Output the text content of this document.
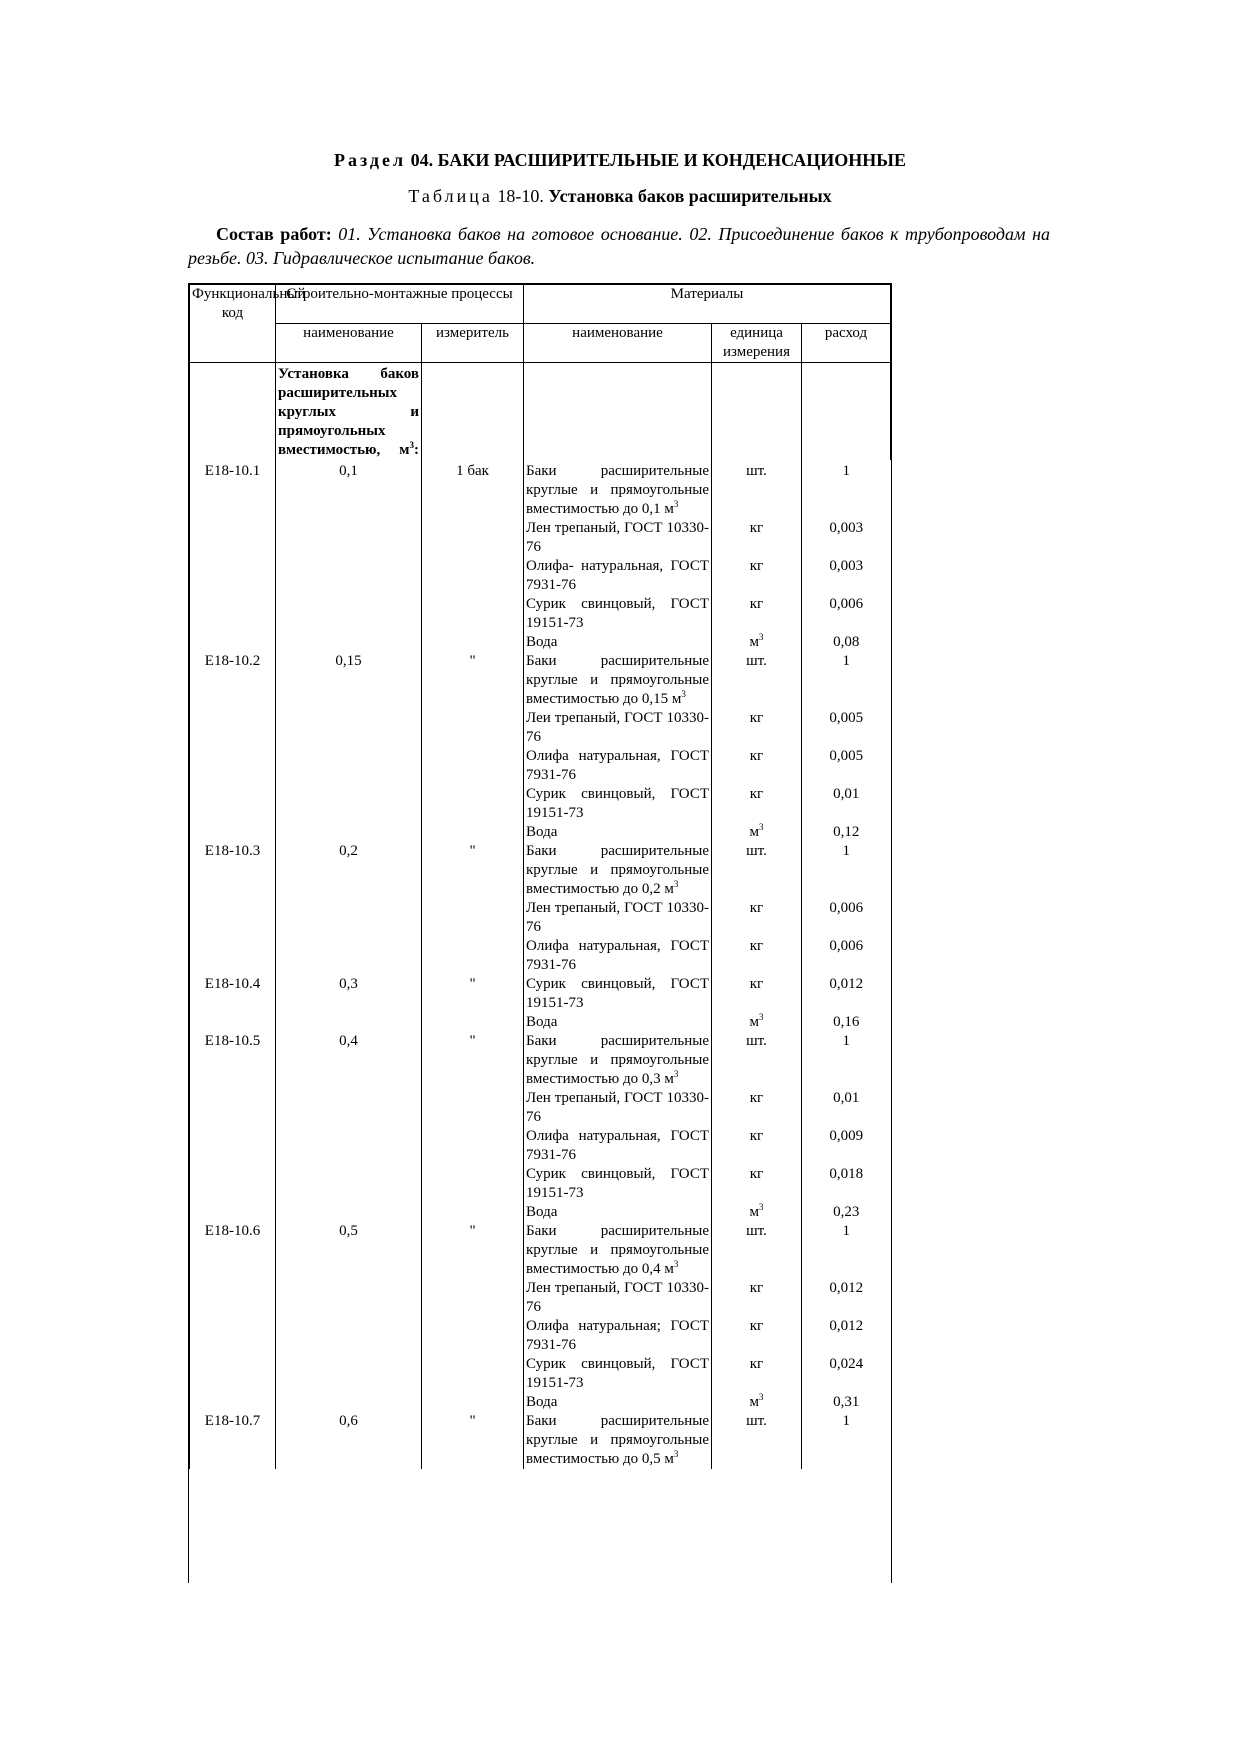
Раздел 04. БАКИ РАСШИРИТЕЛЬНЫЕ И КОНДЕНСАЦИОННЫЕ
Таблица 18-10. Установка баков расширительных
Состав работ: 01. Установка баков на готовое основание. 02. Присоединение баков к трубопроводам на резьбе. 03. Гидравлическое испытание баков.
Функциональный код	Строительно-монтажные процессы		Материалы		
	наименование	измеритель	наименование	единица измерения	расход
	Установка баков расширительных круглых и прямоугольных вместимостью, $м^3$:				
Е18-10.1	0,1	1 бак	Баки расширительные круглые и прямоугольные вместимостью до 0,1 $м^3$	шт.	1
			Лен трепаный, ГОСТ 10330-76	кг	0,003
			Олифа- натуральная, ГОСТ 7931-76	кг	0,003
			Сурик свинцовый, ГОСТ 19151-73	кг	0,006
			Вода	$м^3$	0,08
Е18-10.2	0,15	"	Баки расширительные круглые и прямоугольные вместимостью до 0,15 $м^3$	шт.	1
			Леи трепаный, ГОСТ 10330-76	кг	0,005
			Олифа натуральная, ГОСТ 7931-76	кг	0,005
			Сурик свинцовый, ГОСТ 19151-73	кг	0,01
			Вода	$м^3$	0,12
Е18-10.3	0,2	"	Баки расширительные круглые и прямоугольные вместимостью до 0,2 $м^3$	шт.	1
			Лен трепаный, ГОСТ 10330-76	кг	0,006
			Олифа натуральная, ГОСТ 7931-76	кг	0,006
Е18-10.4	0,3	"	Сурик свинцовый, ГОСТ 19151-73	кг	0,012
			Вода	$м^3$	0,16
Е18-10.5	0,4	"	Баки расширительные круглые и прямоугольные вместимостью до 0,3 $м^3$	шт.	1
			Лен трепаный, ГОСТ 10330-76	кг	0,01
			Олифа натуральная, ГОСТ 7931-76	кг	0,009
			Сурик свинцовый, ГОСТ 19151-73	кг	0,018
			Вода	$м^3$	0,23
Е18-10.6	0,5	"	Баки расширительные круглые и прямоугольные вместимостью до 0,4 $м^3$	шт.	1
			Лен трепаный, ГОСТ 10330-76	кг	0,012
			Олифа натуральная; ГОСТ 7931-76	кг	0,012
			Сурик свинцовый, ГОСТ 19151-73	кг	0,024
			Вода	$м^3$	0,31
Е18-10.7	0,6	"	Баки расширительные круглые и прямоугольные вместимостью до 0,5 $м^3$	шт.	1
